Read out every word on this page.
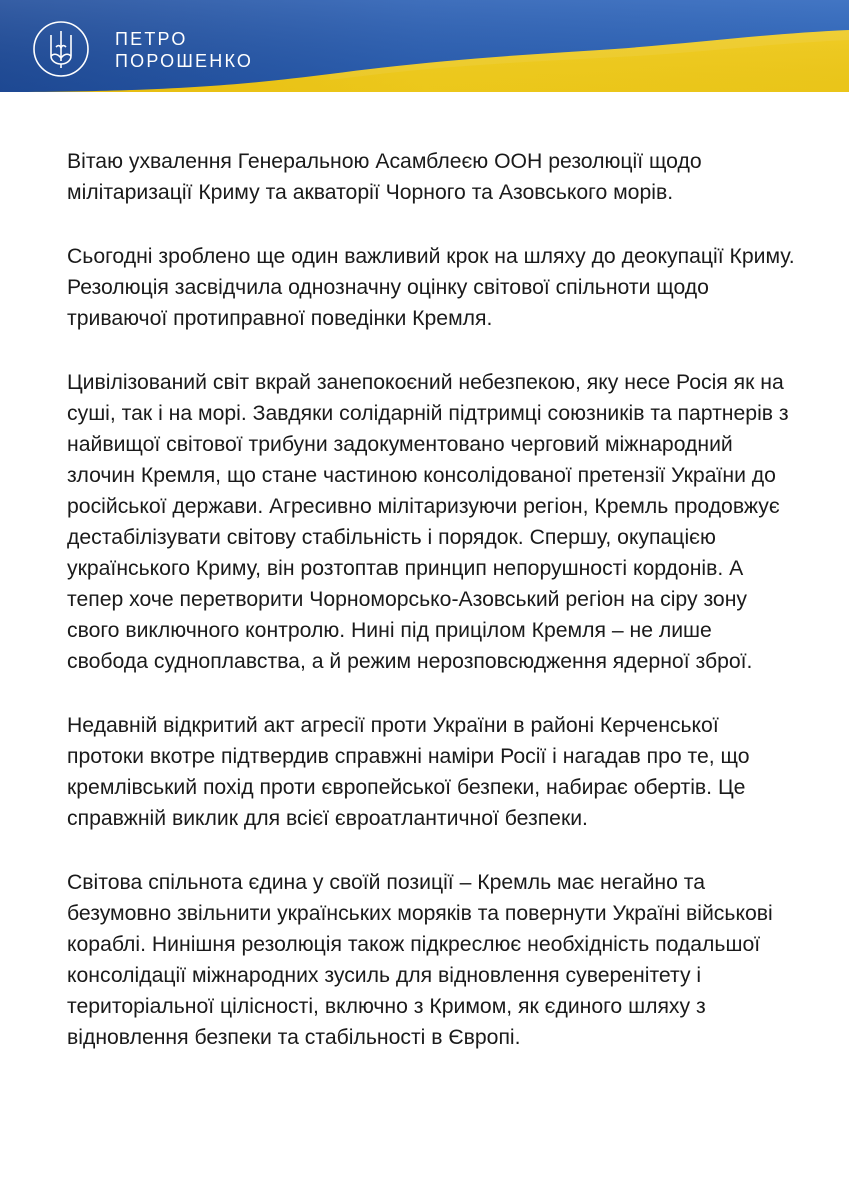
ПЕТРО
ПОРОШЕНКО

Вітаю ухвалення Генеральною Асамблеєю ООН резолюції щодо мілітаризації Криму та акваторії Чорного та Азовського морів.

Сьогодні зроблено ще один важливий крок на шляху до деокупації Криму. Резолюція засвідчила однозначну оцінку світової спільноти щодо триваючої протиправної поведінки Кремля.

Цивілізований світ вкрай занепокоєний небезпекою, яку несе Росія як на суші, так і на морі. Завдяки солідарній підтримці союзників та партнерів з найвищої світової трибуни задокументовано черговий міжнародний злочин Кремля, що стане частиною консолідованої претензії України до російської держави. Агресивно мілітаризуючи регіон, Кремль продовжує дестабілізувати світову стабільність і порядок. Спершу, окупацією українського Криму, він розтоптав принцип непорушності кордонів. А тепер хоче перетворити Чорноморсько-Азовський регіон на сіру зону свого виключного контролю. Нині під прицілом Кремля – не лише свобода судноплавства, а й режим нерозповсюдження ядерної зброї.

Недавній відкритий акт агресії проти України в районі Керченської протоки вкотре підтвердив справжні наміри Росії і нагадав про те, що кремлівський похід проти європейської безпеки, набирає обертів. Це справжній виклик для всієї євроатлантичної безпеки.

Світова спільнота єдина у своїй позиції – Кремль має негайно та безумовно звільнити українських моряків та повернути Україні військові кораблі. Нинішня резолюція також підкреслює необхідність подальшої консолідації міжнародних зусиль для відновлення суверенітету і територіальної цілісності, включно з Кримом, як єдиного шляху з відновлення безпеки та стабільності в Європі.
